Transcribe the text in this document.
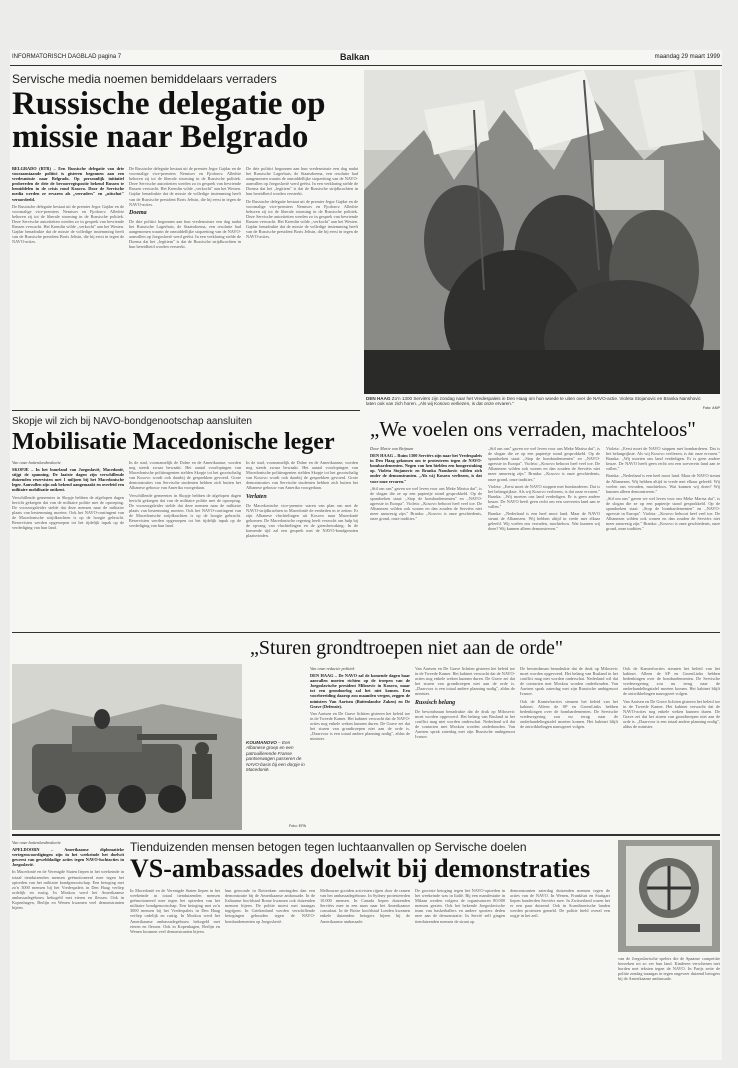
INFORMATORISCH DAGBLAD pagina 7	Balkan	maandag 29 maart 1999
Servische media noemen bemiddelaars verraders
Russische delegatie op
missie naar Belgrado

BELGRADO (RTR) – Een Russische delegatie van drie vooraanstaande politici is gisteren begonnen aan een vredesmissie naar Belgrado. Op persoonlijk initiatief probeerden de drie de bevoorregtspostie bekend Russen te bemiddelen in de crisis rond Kosovo. Door de Servische media werden ze ervaren als ,,verraders" en ,,uitschot" veroordeeld.

De Russische delegatie bestaat uit de premier Jegor Gajdar en de voormalige vice-premiers Nemtsov en Fjodorov. Alledrie behoren zij tot de liberale stroming in de Russische politiek. Deze Servische autoriteiten werden zo in gesprek van bevriende Russen verwacht. Het Kremlin wilde ,,verkocht" aan het Westen. Gajdar benadrukte dat de missie de volledige instemming heeft van de Russische president Boris Jeltsin, die hij eerst in tegen de NAVO-acties.

De Russische delegatie bestaat uit de premier Jegor Gajdar en de voormalige vice-premiers Nemtsov en Fjodorov. Alledrie behoren zij tot de liberale stroming in de Russische politiek. Deze Servische autoriteiten werden zo in gesprek van bevriende Russen verwacht. Het Kremlin wilde ,,verkocht" aan het Westen. Gajdar benadrukte dat de missie de volledige instemming heeft van de Russische president Boris Jeltsin, die hij eerst in tegen de NAVO-acties.

Doema

De drie politici begonnen aan hun vredesmissie een dag nadat het Russische Lagerhuis, de Staatsdoema, een resolutie had aangenomen waarin de onmiddellijke stopzetting van de NAVO-aanvallen op Joegoslavië werd geëist. In een verklaring stelde de Doema dat het ,,legitiem" is dat de Russische strijdkrachten in hun bereidheid worden versterkt.

De drie politici begonnen aan hun vredesmissie een dag nadat het Russische Lagerhuis, de Staatsdoema, een resolutie had aangenomen waarin de onmiddellijke stopzetting van de NAVO-aanvallen op Joegoslavië werd geëist. In een verklaring stelde de Doema dat het ,,legitiem" is dat de Russische strijdkrachten in hun bereidheid worden versterkt.

De Russische delegatie bestaat uit de premier Jegor Gajdar en de voormalige vice-premiers Nemtsov en Fjodorov. Alledrie behoren zij tot de liberale stroming in de Russische politiek. Deze Servische autoriteiten werden zo in gesprek van bevriende Russen verwacht. Het Kremlin wilde ,,verkocht" aan het Westen. Gajdar benadrukte dat de missie de volledige instemming heeft van de Russische president Boris Jeltsin, die hij eerst in tegen de NAVO-acties.

DEN HAAG Zo'n 1300 Serviërs zijn zondag naar het Vredespaleis in Den Haag om hun woede te uiten over de NAVO-actie. Violeta Stojanovic en Branka Nanshovic laten ook van zich horen. „Als wij Kosovo verliezen, is dat onze ervaren."
Foto: ANP
„We voelen ons verraden, machteloos"
Door Marie van Beijnum

DEN HAAG – Ruim 1300 Serviërs zijn naar het Vredespaleis in Den Haag gekomen om te protesteren tegen de NAVO-bombardementen. Negen van hen hielden een hongerstaking op. Violeta Stojanovic en Branka Nanshovic wilden zich onder de demonstranten. „Als wij Kosovo verliezen, is dat voor onze ervaren."

„Stil om ons" gaven we wel leven voor ons Meke Marisa dat", is de slogan die ze op een papiertje stond gesprokkeld. Op de spandoeken staat: ,,Stop de bombardementen" en ,,NAVO-agressie in Europa". Violeta: ,,Kosovo behoort heel veel toe. De Albanezen wilden ook wonen en dan zouden de Serviërs niet meer aanwezig zijn." Branka: ,,Kosovo is onze geschiedenis, onze grond, onze tradities."

„Stil om ons" gaven we wel leven voor ons Meke Marisa dat", is de slogan die ze op een papiertje stond gesprokkeld. Op de spandoeken staat: ,,Stop de bombardementen" en ,,NAVO-agressie in Europa". Violeta: ,,Kosovo behoort heel veel toe. De Albanezen wilden ook wonen en dan zouden de Serviërs niet meer aanwezig zijn." Branka: ,,Kosovo is onze geschiedenis, onze grond, onze tradities."

Violeta: ,,Eerst moet de NAVO stoppen met bombarderen. Dat is het belangrijkste. Als wij Kosovo verliezen, is dat onze ervaren." Branka: ,,Wij moeten ons land verdedigen. Er is geen andere keuze. De NAVO heeft geen recht om een soeverein land aan te vallen."

Branka: ,,Nederland is een heel mooi land. Maar de NAVO steunt de Albanezen. Wij hebben altijd in vrede met elkaar geleefd. Wij voelen ons verraden, machteloos. Wat kunnen wij doen? Wij kunnen alleen demonstreren."

Violeta: ,,Eerst moet de NAVO stoppen met bombarderen. Dat is het belangrijkste. Als wij Kosovo verliezen, is dat onze ervaren." Branka: ,,Wij moeten ons land verdedigen. Er is geen andere keuze. De NAVO heeft geen recht om een soeverein land aan te vallen."

Branka: ,,Nederland is een heel mooi land. Maar de NAVO steunt de Albanezen. Wij hebben altijd in vrede met elkaar geleefd. Wij voelen ons verraden, machteloos. Wat kunnen wij doen? Wij kunnen alleen demonstreren."

„Stil om ons" gaven we wel leven voor ons Meke Marisa dat", is de slogan die ze op een papiertje stond gesprokkeld. Op de spandoeken staat: ,,Stop de bombardementen" en ,,NAVO-agressie in Europa". Violeta: ,,Kosovo behoort heel veel toe. De Albanezen wilden ook wonen en dan zouden de Serviërs niet meer aanwezig zijn." Branka: ,,Kosovo is onze geschiedenis, onze grond, onze tradities."

Skopje wil zich bij NAVO-bondgenootschap aansluiten
Mobilisatie Macedonische leger
Van onze buitenlandredactie

SKOPJE – In het buurland van Joegoslavië, Macedonië, stijgt de spanning. De laatste dagen zijn verschillende duizenden reservisten met 1 miljoen bij het Macedonische leger. Aanvullen zijn ook bekend aangemaakt en overleid een militaire mobilisatie ontkent.

Verschillende gemeentes in Skopje hebben de afgelopen dagen bericht gekregen dat van de militaire politie met de oproeping. De voorzorgsleider stelde dat deze mensen naar de militaire plaats van bestemming moeten. Ook het NAVO-contingent van de Macedonische strijdkrachten is op de hoogte gebracht. Reservisten werden opgeroepen tot het tijdelijk inpak op de verdediging van hun land.

In de stad, voornamelijk de Dolne en de Amerikaanse, worden nog steeds zwaar bewaakt. Het aantal voorlopingen van Macedonische politieagenten stelden Skopje tot het grootschalig van Kosovo wordt ook daarbij de gesprekken gevoerd. Grote demonstraties van Servische studenten hebben zich buiten het Albanese gebouw van Amerika voorgedaan.

Verschillende gemeentes in Skopje hebben de afgelopen dagen bericht gekregen dat van de militaire politie met de oproeping. De voorzorgsleider stelde dat deze mensen naar de militaire plaats van bestemming moeten. Ook het NAVO-contingent van de Macedonische strijdkrachten is op de hoogte gebracht. Reservisten werden opgeroepen tot het tijdelijk inpak op de verdediging van hun land.

In de stad, voornamelijk de Dolne en de Amerikaanse, worden nog steeds zwaar bewaakt. Het aantal voorlopingen van Macedonische politieagenten stelden Skopje tot het grootschalig van Kosovo wordt ook daarbij de gesprekken gevoerd. Grote demonstraties van Servische studenten hebben zich buiten het Albanese gebouw van Amerika voorgedaan.

Verlaten

De Macedonische vice-premier waren van plan om met de NAVO-strijdkrachten in Macedonië de eenheden in te zetten. Er zijn Albanese vluchtelingen uit Kosovo naar Macedonië gekomen. De Macedonische regering heeft verzocht om hulp bij de opvang van vluchtelingen en de grensbewaking. In de komende tijd zal een gesprek met de NAVO-bondgenoten plaatsvinden.

„Sturen grondtroepen niet aan de orde"
KOUMANOVO – Een Albanese groep en een patrouillerende Franse pantserwagen passeren de NAVO-basis bij een dorpje in Macedonië.
Foto: EPA
Van onze redactie politiek

DEN HAAG – De NAVO zal de komende dagen haar aanvallen moeten richten op de troepen van de Joegoslavische president Milosevic in Kosovo, maar tot een grondoorlog zal het niet komen. Een voorbereiding daarop zou maanden vergen, zeggen de ministers Van Aartsen (Buitenlandse Zaken) en De Grave (Defensie).

Van Aartsen en De Grave lichtten gisteren het beleid toe in de Tweede Kamer. Het kabinet verwacht dat de NAVO-acties nog enkele weken kunnen duren. De Grave zei dat het sturen van grondtroepen niet aan de orde is. ,,Daarvoor is een totaal andere planning nodig", aldus de minister.

Van Aartsen en De Grave lichtten gisteren het beleid toe in de Tweede Kamer. Het kabinet verwacht dat de NAVO-acties nog enkele weken kunnen duren. De Grave zei dat het sturen van grondtroepen niet aan de orde is. ,,Daarvoor is een totaal andere planning nodig", aldus de minister.

Russisch belang

De bewindsman benadrukte dat de druk op Milosevic moet worden opgevoerd. Het belang van Rusland in het conflict mag niet worden onderschat. Nederland wil dat de contacten met Moskou worden onderhouden. Van Aartsen sprak zaterdag met zijn Russische ambtgenoot Ivanov.

De bewindsman benadrukte dat de druk op Milosevic moet worden opgevoerd. Het belang van Rusland in het conflict mag niet worden onderschat. Nederland wil dat de contacten met Moskou worden onderhouden. Van Aartsen sprak zaterdag met zijn Russische ambtgenoot Ivanov.

Ook de Kamerfracties steunen het beleid van het kabinet. Alleen de SP en GroenLinks hebben bedenkingen over de bombardementen. De Servische vredesregering zou nu terug naar de onderhandelingstafel moeten komen. Het kabinet blijft de ontwikkelingen nauwgezet volgen.

Ook de Kamerfracties steunen het beleid van het kabinet. Alleen de SP en GroenLinks hebben bedenkingen over de bombardementen. De Servische vredesregering zou nu terug naar de onderhandelingstafel moeten komen. Het kabinet blijft de ontwikkelingen nauwgezet volgen.

Van Aartsen en De Grave lichtten gisteren het beleid toe in de Tweede Kamer. Het kabinet verwacht dat de NAVO-acties nog enkele weken kunnen duren. De Grave zei dat het sturen van grondtroepen niet aan de orde is. ,,Daarvoor is een totaal andere planning nodig", aldus de minister.

Van onze buitenlandredactie

APELDOORN – Amerikaanse diplomatieke vertegenwoordigingen zijn in het weekeinde het doelwit geweest van gewelddadige acties tegen NAVO-luchtacties in Joegoslavië.

In Macedonië en de Verenigde Staten liepen in het weekeinde in totaal tienduizenden mensen geëmotioneerd mee tegen het optreden van het militaire bondgenootschap. Een betoging met zo'n 3000 mensen bij het Vredespaleis in Den Haag verliep ordelijk en rustig. In Moskou werd het Amerikaanse ambassadegebouw bekogeld met eieren en flessen. Ook in Kopenhagen, Berlijn en Wenen kwamen veel demonstranten bijeen.

Tienduizenden mensen betogen tegen luchtaanvallen op Servische doelen
VS-ambassades doelwit bij demonstraties

In Macedonië en de Verenigde Staten liepen in het weekeinde in totaal tienduizenden mensen geëmotioneerd mee tegen het optreden van het militaire bondgenootschap. Een betoging met zo'n 3000 mensen bij het Vredespaleis in Den Haag verliep ordelijk en rustig. In Moskou werd het Amerikaanse ambassadegebouw bekogeld met eieren en flessen. Ook in Kopenhagen, Berlijn en Wenen kwamen veel demonstranten bijeen.

hun getoonde in Rotterdam omringden dan een demonstratie bij de Amerikaanse ambassade. In de Italiaanse hoofdstad Rome kwamen ook duizenden mensen bijeen. De politie moest met traangas ingrijpen. In Griekenland werden verschillende betogingen gehouden tegen de NAVO-bombardementen op Joegoslavië.

Melbourne gooiden activisten rijpen door de ramen van het ambassadegebouw. In Sydney protesteerden 10.000 mensen. In Canada liepen duizenden Serviërs mee in een mars naar het Amerikaanse consulaat. In de Britse hoofdstad Londen kwamen enkele duizenden betogers bijeen bij de Amerikaanse ambassade.

De grootste betoging tegen het NAVO-optreden in het weekeinde was in Italië. Bij een manifestatie in Milaan werden volgens de organisatoren 80.000 mensen gezien. Ook het bekende Joegoslavische team van basketballers en andere sporters deden mee aan de demonstratie. In Servië zelf gingen tienduizenden mensen de straat op.

demonstranten zaterdag duizenden mensen tegen de acties van de NAVO. In Wenen, Frankfurt en Stuttgart liepen honderden Serviërs mee. In Zwitserland waren het er een paar duizend. Ook in Scandinavische landen werden protesten gemeld. De politie hield overal een oogje in het zeil.

van de Joegoslavische spelers die de Spaanse competitie bezoeken tot zo ver hun land. Kinderen verschenen met borden met teksten tegen de NAVO. In Parijs zette de politie zondag traangas in tegen ongeveer duizend betogers bij de Amerikaanse ambassade.
